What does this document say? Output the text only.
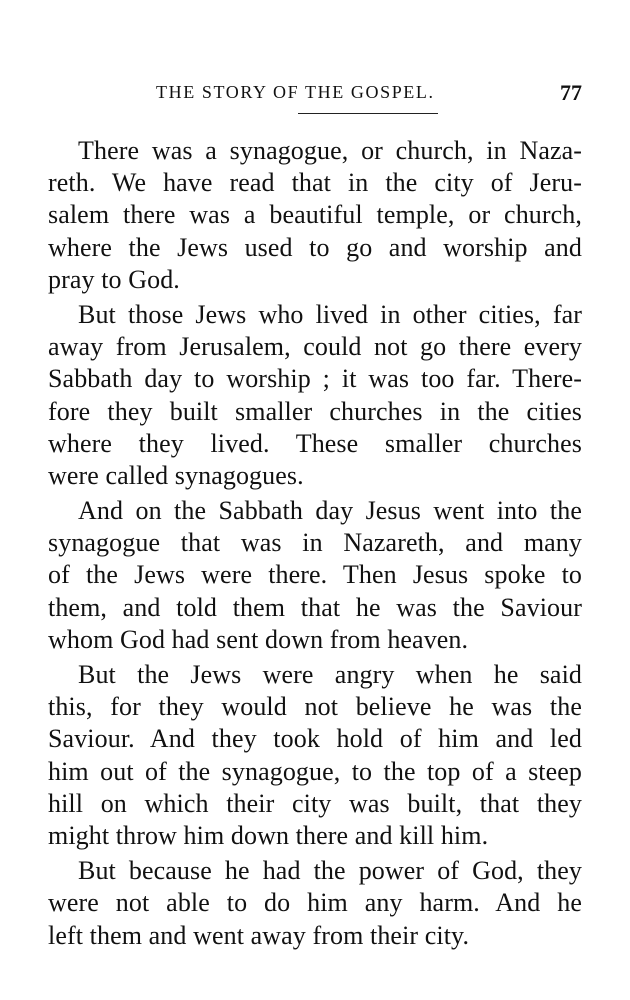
THE STORY OF THE GOSPEL.	77
There was a synagogue, or church, in Naza-
reth. We have read that in the city of Jeru-
salem there was a beautiful temple, or church,
where the Jews used to go and worship and
pray to God.
But those Jews who lived in other cities, far
away from Jerusalem, could not go there every
Sabbath day to worship ; it was too far. There-
fore they built smaller churches in the cities
where they lived. These smaller churches
were called synagogues.
And on the Sabbath day Jesus went into the
synagogue that was in Nazareth, and many
of the Jews were there. Then Jesus spoke to
them, and told them that he was the Saviour
whom God had sent down from heaven.
But the Jews were angry when he said
this, for they would not believe he was the
Saviour. And they took hold of him and led
him out of the synagogue, to the top of a steep
hill on which their city was built, that they
might throw him down there and kill him.
But because he had the power of God, they
were not able to do him any harm. And he
left them and went away from their city.
